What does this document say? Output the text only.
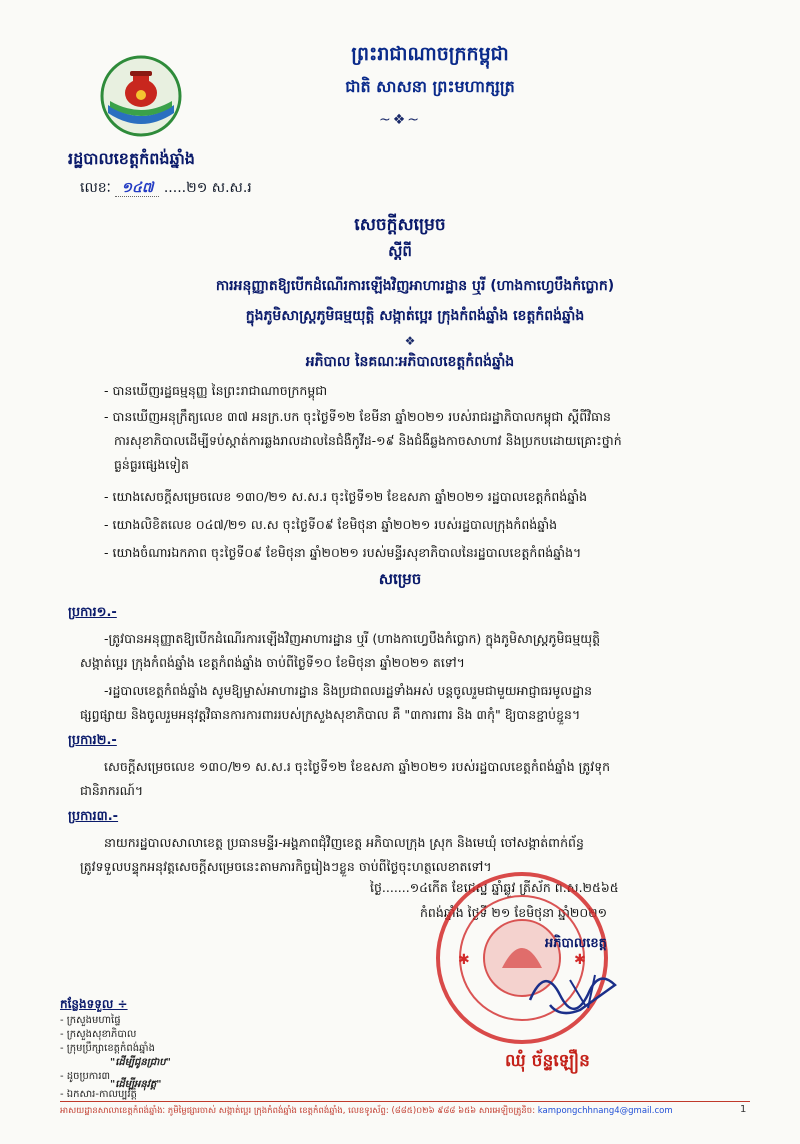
ព្រះរាជាណាចក្រកម្ពុជា
ជាតិ សាសនា ព្រះមហាក្សត្រ
~❖~
រដ្ឋបាលខេត្តកំពង់ឆ្នាំង
លេខៈ ១៤៧ .....២១ ស.ស.រ
សេចក្តីសម្រេច
ស្តីពី
ការអនុញ្ញាតឱ្យបើកដំណើរការឡើងវិញអាហារដ្ឋាន ឬរី (ហាងកាហ្វេបឹងកំប្លោក)
ក្នុងភូមិសាស្រ្តភូមិធម្មយុត្តិ សង្កាត់ប្អេរ ក្រុងកំពង់ឆ្នាំង ខេត្តកំពង់ឆ្នាំង
❖
អភិបាល នៃគណៈអភិបាលខេត្តកំពង់ឆ្នាំង
- បានឃើញរដ្ឋធម្មនុញ្ញ នៃព្រះរាជាណាចក្រកម្ពុជា
- បានឃើញអនុក្រឹត្យលេខ ៣៧ អនក្រ.បក ចុះថ្ងៃទី១២ ខែមីនា ឆ្នាំ២០២១ របស់រាជរដ្ឋាភិបាលកម្ពុជា ស្តីពីវិធាន
ការសុខាភិបាលដើម្បីទប់ស្កាត់ការឆ្លងរាលដាលនៃជំងឺកូវីដ-១៩ និងជំងឺឆ្លងកាចសាហាវ និងប្រកបដោយគ្រោះថ្នាក់
ធ្ងន់ធ្ងរផ្សេងទៀត
- យោងសេចក្តីសម្រេចលេខ ១៣០/២១ ស.ស.រ ចុះថ្ងៃទី១២ ខែឧសភា ឆ្នាំ២០២១ រដ្ឋបាលខេត្តកំពង់ឆ្នាំង
- យោងលិខិតលេខ ០៤៧/២១ ល.ស ចុះថ្ងៃទី០៩ ខែមិថុនា ឆ្នាំ២០២១ របស់រដ្ឋបាលក្រុងកំពង់ឆ្នាំង
- យោងចំណារឯកភាព ចុះថ្ងៃទី០៩ ខែមិថុនា ឆ្នាំ២០២១ របស់មន្ទីរសុខាភិបាលនៃរដ្ឋបាលខេត្តកំពង់ឆ្នាំង។
សម្រេច
ប្រការ១.-
-ត្រូវបានអនុញ្ញាតឱ្យបើកដំណើរការឡើងវិញអាហារដ្ឋាន ឬរី (ហាងកាហ្វេបឹងកំប្លោក) ក្នុងភូមិសាស្រ្តភូមិធម្មយុត្តិ
សង្កាត់ប្អេរ ក្រុងកំពង់ឆ្នាំង ខេត្តកំពង់ឆ្នាំង ចាប់ពីថ្ងៃទី១០ ខែមិថុនា ឆ្នាំ២០២១ តទៅ។
-រដ្ឋបាលខេត្តកំពង់ឆ្នាំង សូមឱ្យម្ចាស់អាហារដ្ឋាន និងប្រជាពលរដ្ឋទាំងអស់ បន្តចូលរួមជាមួយអាជ្ញាធរមូលដ្ឋាន
ផ្សព្វផ្សាយ និងចូលរួមអនុវត្តវិធានការការពាររបស់ក្រសួងសុខាភិបាល គឺ "៣ការពារ និង ៣កុំ" ឱ្យបានខ្ជាប់ខ្ជួន។
ប្រការ២.-
សេចក្តីសម្រេចលេខ ១៣០/២១ ស.ស.រ ចុះថ្ងៃទី១២ ខែឧសភា ឆ្នាំ២០២១ របស់រដ្ឋបាលខេត្តកំពង់ឆ្នាំង ត្រូវទុក
ជានិរាករណ៍។
ប្រការ៣.-
នាយករដ្ឋបាលសាលាខេត្ត ប្រធានមន្ទីរ-អង្គភាពជុំវិញខេត្ត អភិបាលក្រុង ស្រុក និងមេឃុំ ចៅសង្កាត់ពាក់ព័ន្ធ
ត្រូវទទួលបន្ទុកអនុវត្តសេចក្តីសម្រេចនេះតាមភារកិច្ចរៀងៗខ្លួន ចាប់ពីថ្ងៃចុះហត្ថលេខាតទៅ។
ថ្ងៃ.......១៤កើត ខែជេស្ឋ ឆ្នាំឆ្លូវ ត្រីស័ក ព.ស.២៥៦៥
កំពង់ឆ្នាំង ថ្ងៃទី ២១ ខែមិថុនា ឆ្នាំ២០២១
✱	✱
អភិបាលខេត្ត
ឈុំ ច័ន្ទឡឿន
កន្លែងទទួល ÷
- ក្រសួងមហាផ្ទៃ
- ក្រសួងសុខាភិបាល
- ក្រុមប្រឹក្សាខេត្តកំពង់ឆ្នាំង
"ដើម្បីជូនជ្រាប"
- ដូចប្រការ៣
"ដើម្បីអនុវត្ត"
- ឯកសារ-កាលប្បវត្តិ
អាសយដ្ឋានសាលាខេត្តកំពង់ឆ្នាំងៈ ភូមិម្លៃផ្សារចាស់ សង្កាត់ប្អេរ ក្រុងកំពង់ឆ្នាំង ខេត្តកំពង់ឆ្នាំង, លេខទូរស័ព្ទ: (៨៨៥)០២៦ ៩៨៨ ៦៥៦ សារអេឡិចត្រូនិច: kampongchhnang4@gmail.com	1
